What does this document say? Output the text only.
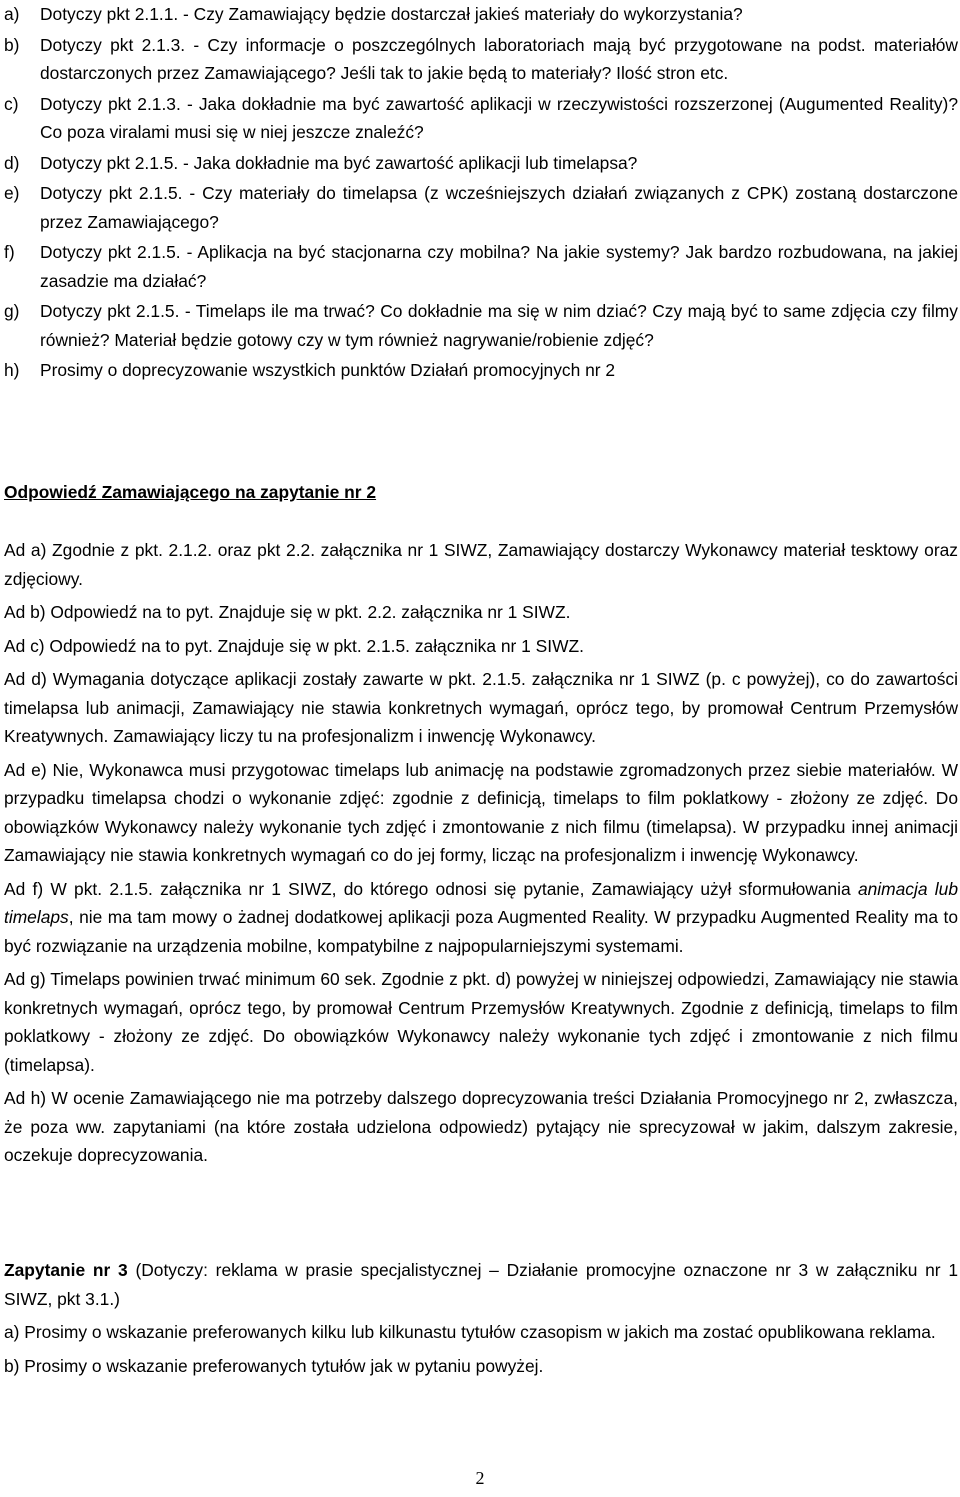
a)	Dotyczy pkt 2.1.1. - Czy Zamawiający będzie dostarczał jakieś materiały do wykorzystania?
b)	Dotyczy pkt 2.1.3. - Czy informacje o poszczególnych laboratoriach mają być przygotowane na podst. materiałów dostarczonych przez Zamawiającego? Jeśli tak to jakie będą to materiały? Ilość stron etc.
c)	Dotyczy pkt 2.1.3. - Jaka dokładnie ma być zawartość aplikacji w rzeczywistości rozszerzonej (Augumented Reality)? Co poza viralami musi się w niej jeszcze znaleźć?
d)	Dotyczy pkt 2.1.5. - Jaka dokładnie ma być zawartość aplikacji lub timelapsa?
e)	Dotyczy pkt 2.1.5. - Czy materiały do timelapsa (z wcześniejszych działań związanych z CPK) zostaną dostarczone przez Zamawiającego?
f)	Dotyczy pkt 2.1.5. - Aplikacja na być stacjonarna czy mobilna? Na jakie systemy? Jak bardzo rozbudowana, na jakiej zasadzie ma działać?
g)	Dotyczy pkt 2.1.5. - Timelaps ile ma trwać? Co dokładnie ma się w nim dziać? Czy mają być to same zdjęcia czy filmy również? Materiał będzie gotowy czy w tym również nagrywanie/robienie zdjęć?
h)	Prosimy o doprecyzowanie wszystkich punktów Działań promocyjnych nr 2
Odpowiedź Zamawiającego na zapytanie nr 2

Ad a) Zgodnie z pkt. 2.1.2. oraz pkt 2.2. załącznika nr 1 SIWZ, Zamawiający dostarczy Wykonawcy materiał tesktowy oraz zdjęciowy.

Ad b) Odpowiedź na to pyt. Znajduje się w pkt. 2.2. załącznika nr 1 SIWZ.

Ad c) Odpowiedź na to pyt. Znajduje się w pkt. 2.1.5. załącznika nr 1 SIWZ.

Ad d) Wymagania dotyczące aplikacji zostały zawarte w pkt. 2.1.5. załącznika nr 1 SIWZ (p. c powyżej), co do zawartości timelapsa lub animacji, Zamawiający nie stawia konkretnych wymagań, oprócz tego, by promował Centrum Przemysłów Kreatywnych. Zamawiający liczy tu na profesjonalizm i inwencję Wykonawcy.

Ad e) Nie, Wykonawca musi przygotowac timelaps lub animację na podstawie zgromadzonych przez siebie materiałów. W przypadku timelapsa chodzi o wykonanie zdjęć: zgodnie z definicją, timelaps to film poklatkowy - złożony ze zdjęć. Do obowiązków Wykonawcy należy wykonanie tych zdjęć i zmontowanie z nich filmu (timelapsa). W przypadku innej animacji Zamawiający nie stawia konkretnych wymagań co do jej formy, licząc na profesjonalizm i inwencję Wykonawcy.

Ad f) W pkt. 2.1.5. załącznika nr 1 SIWZ, do którego odnosi się pytanie, Zamawiający użył sformułowania animacja lub timelaps, nie ma tam mowy o żadnej dodatkowej aplikacji poza Augmented Reality. W przypadku Augmented Reality ma to być rozwiązanie na urządzenia mobilne, kompatybilne z najpopularniejszymi systemami.

Ad g) Timelaps powinien trwać minimum 60 sek. Zgodnie z pkt. d) powyżej w niniejszej odpowiedzi, Zamawiający nie stawia konkretnych wymagań, oprócz tego, by promował Centrum Przemysłów Kreatywnych. Zgodnie z definicją, timelaps to film poklatkowy - złożony ze zdjęć. Do obowiązków Wykonawcy należy wykonanie tych zdjęć i zmontowanie z nich filmu (timelapsa).

Ad h) W ocenie Zamawiającego nie ma potrzeby dalszego doprecyzowania treści Działania Promocyjnego nr 2, zwłaszcza, że poza ww. zapytaniami (na które została udzielona odpowiedz) pytający nie sprecyzował w jakim, dalszym zakresie, oczekuje doprecyzowania.

Zapytanie nr 3 (Dotyczy: reklama w prasie specjalistycznej – Działanie promocyjne oznaczone nr 3 w załączniku nr 1 SIWZ, pkt 3.1.)

a) Prosimy o wskazanie preferowanych kilku lub kilkunastu tytułów czasopism w jakich ma zostać opublikowana reklama.

b) Prosimy o wskazanie preferowanych tytułów jak w pytaniu powyżej.

2
